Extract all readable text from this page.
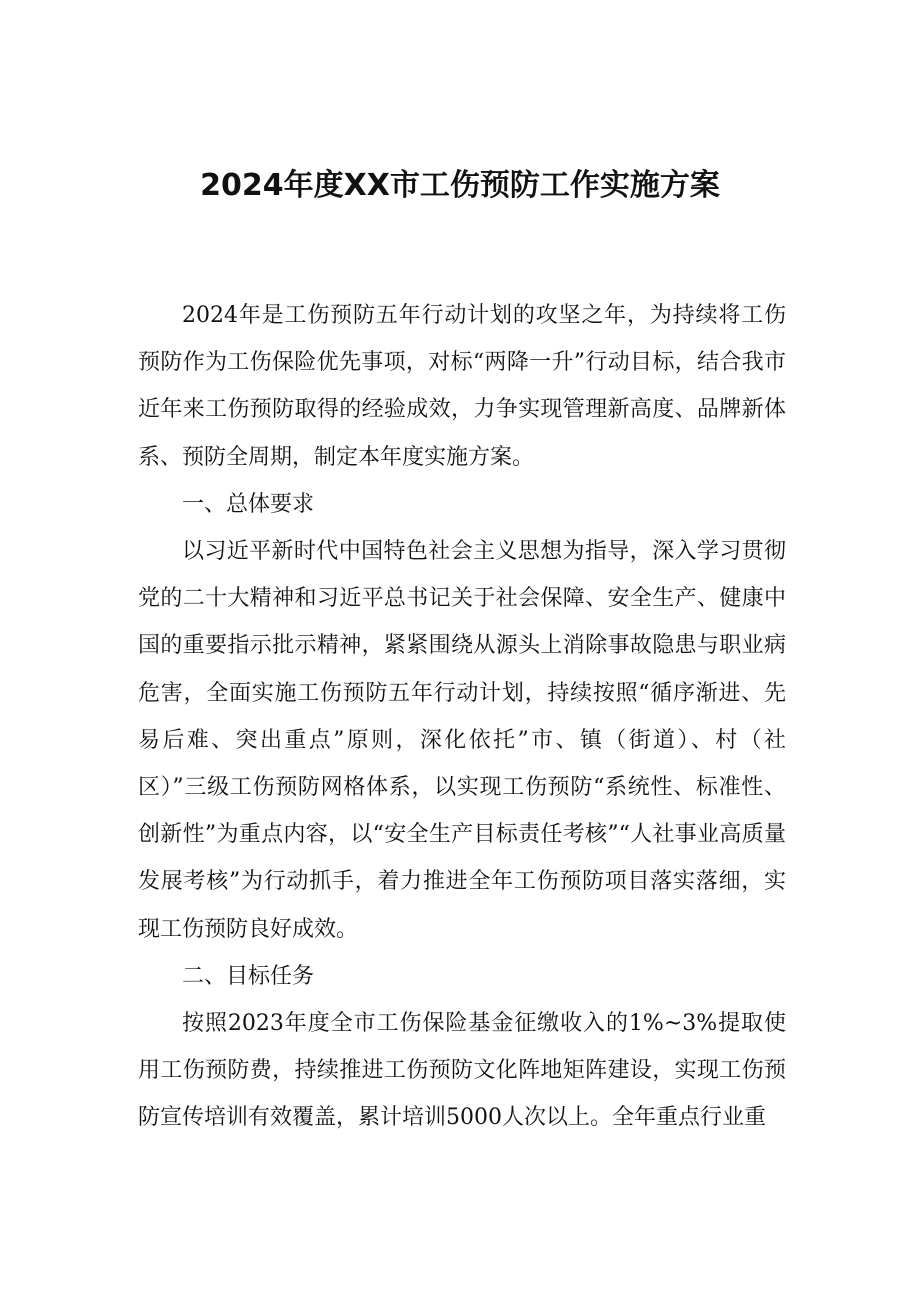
2024年度XX市工伤预防工作实施方案

2024年是工伤预防五年行动计划的攻坚之年，为持续将工伤预防作为工伤保险优先事项，对标“两降一升”行动目标，结合我市近年来工伤预防取得的经验成效，力争实现管理新高度、品牌新体系、预防全周期，制定本年度实施方案。

一、总体要求

以习近平新时代中国特色社会主义思想为指导，深入学习贯彻党的二十大精神和习近平总书记关于社会保障、安全生产、健康中国的重要指示批示精神，紧紧围绕从源头上消除事故隐患与职业病危害，全面实施工伤预防五年行动计划，持续按照“循序渐进、先易后难、突出重点”原则，深化依托”市、镇（街道）、村（社区）”三级工伤预防网格体系，以实现工伤预防“系统性、标准性、创新性”为重点内容，以“安全生产目标责任考核”“人社事业高质量发展考核”为行动抓手，着力推进全年工伤预防项目落实落细，实现工伤预防良好成效。

二、目标任务

按照2023年度全市工伤保险基金征缴收入的1%~3%提取使用工伤预防费，持续推进工伤预防文化阵地矩阵建设，实现工伤预防宣传培训有效覆盖，累计培训5000人次以上。全年重点行业重
